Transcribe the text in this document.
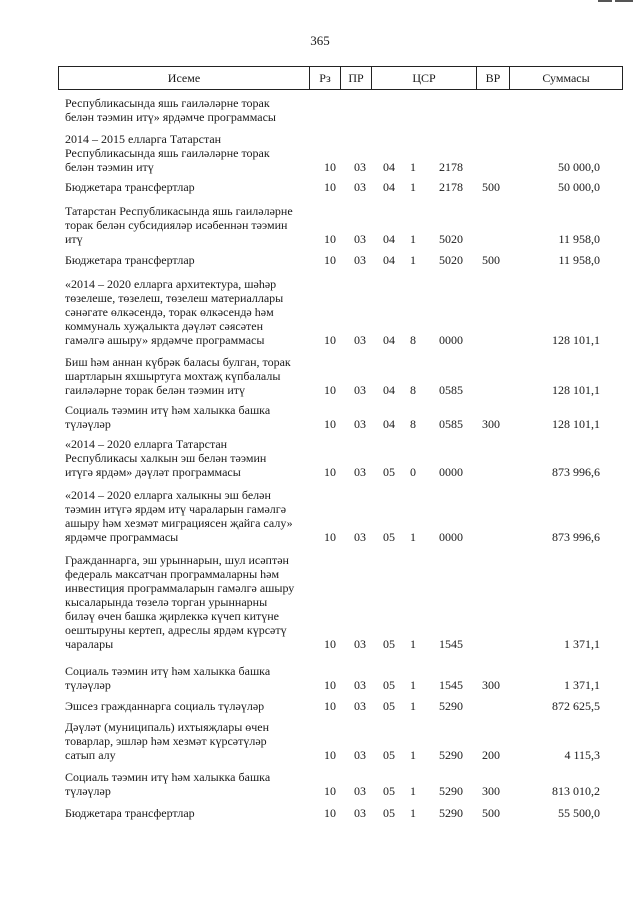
365
Исеме	Рз	ПР	ЦСР	ВР	Суммасы
Республикасында яшь гаиләләрне торак
белән тәэмин итү» ярдәмче программасы
2014 – 2015 елларга Татарстан
Республикасында яшь гаиләләрне торак
белән тәэмин итү	10	03	04	1	2178	50 000,0
Бюджетара трансфертлар	10	03	04	1	2178	500	50 000,0
Татарстан Республикасында яшь гаиләләрне
торак белән субсидияләр исәбеннән тәэмин
итү	10	03	04	1	5020	11 958,0
Бюджетара трансфертлар	10	03	04	1	5020	500	11 958,0
«2014 – 2020 елларга архитектура, шәһәр
төзелеше, төзелеш, төзелеш материаллары
сәнәгате өлкәсендә, торак өлкәсендә һәм
коммуналь хуҗалыкта дәүләт сәясәтен
гамәлгә ашыру» ярдәмче программасы	10	03	04	8	0000	128 101,1
Биш һәм аннан күбрәк баласы булган, торак
шартларын яхшыртуга мохтаҗ күпбалалы
гаиләләрне торак белән тәэмин итү	10	03	04	8	0585	128 101,1
Социаль тәэмин итү һәм халыкка башка
түләүләр	10	03	04	8	0585	300	128 101,1
«2014 – 2020 елларга Татарстан
Республикасы халкын эш белән тәэмин
итүгә ярдәм» дәүләт программасы	10	03	05	0	0000	873 996,6
«2014 – 2020 елларга халыкны эш белән
тәэмин итүгә ярдәм итү чараларын гамәлгә
ашыру һәм хезмәт миграциясен җайга салу»
ярдәмче программасы	10	03	05	1	0000	873 996,6
Гражданнарга, эш урыннарын, шул исәптән
федераль максатчан программаларны һәм
инвестиция программаларын гамәлгә ашыру
кысаларында төзелә торган урыннарны
биләү өчен башка җирлеккә күчеп китүне
оештыруны кертеп, адреслы ярдәм күрсәтү
чаралары	10	03	05	1	1545	1 371,1
Социаль тәэмин итү һәм халыкка башка
түләүләр	10	03	05	1	1545	300	1 371,1
Эшсез гражданнарга социаль түләүләр	10	03	05	1	5290	872 625,5
Дәүләт (муниципаль) ихтыяҗлары өчен
товарлар, эшләр һәм хезмәт күрсәтүләр
сатып алу	10	03	05	1	5290	200	4 115,3
Социаль тәэмин итү һәм халыкка башка
түләүләр	10	03	05	1	5290	300	813 010,2
Бюджетара трансфертлар	10	03	05	1	5290	500	55 500,0
